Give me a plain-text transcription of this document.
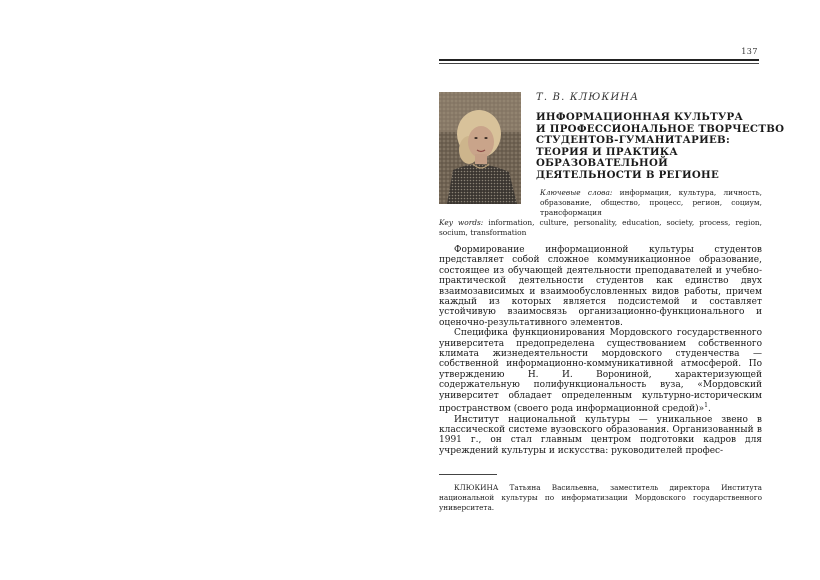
137
Т. В. КЛЮКИНА
ИНФОРМАЦИОННАЯ КУЛЬТУРА
И ПРОФЕССИОНАЛЬНОЕ ТВОРЧЕСТВО
СТУДЕНТОВ-ГУМАНИТАРИЕВ:
ТЕОРИЯ И ПРАКТИКА
ОБРАЗОВАТЕЛЬНОЙ
ДЕЯТЕЛЬНОСТИ В РЕГИОНЕ
Ключевые слова: информация, культура, личность, образование, общество, процесс, регион, социум, трансформация
Key words: information, culture, personality, education, society, process, region, socium, transformation

Формирование информационной культуры студентов представляет собой сложное коммуникационное образование, состоящее из обучающей деятельности преподавателей и учебно-практической деятельности студентов как единство двух взаимозависимых и взаимообусловленных видов работы, причем каждый из которых является подсистемой и составляет устойчивую взаимосвязь организационно-функционального и оценочно-результативного элементов.

Специфика функционирования Мордовского государственного университета предопределена существованием собственного климата жизнедеятельности мордовского студенчества — собственной информационно-коммуникативной атмосферой. По утверждению Н. И. Ворониной, характеризующей содержательную полифункциональность вуза, «Мордовский университет обладает определенным культурно-историческим пространством (своего рода информационной средой)»$^1$.

Институт национальной культуры — уникальное звено в классической системе вузовского образования. Организованный в 1991 г., он стал главным центром подготовки кадров для учреждений культуры и искусства: руководителей профес-

КЛЮКИНА Татьяна Васильевна, заместитель директора Института национальной культуры по информатизации Мордовского государственного университета.
